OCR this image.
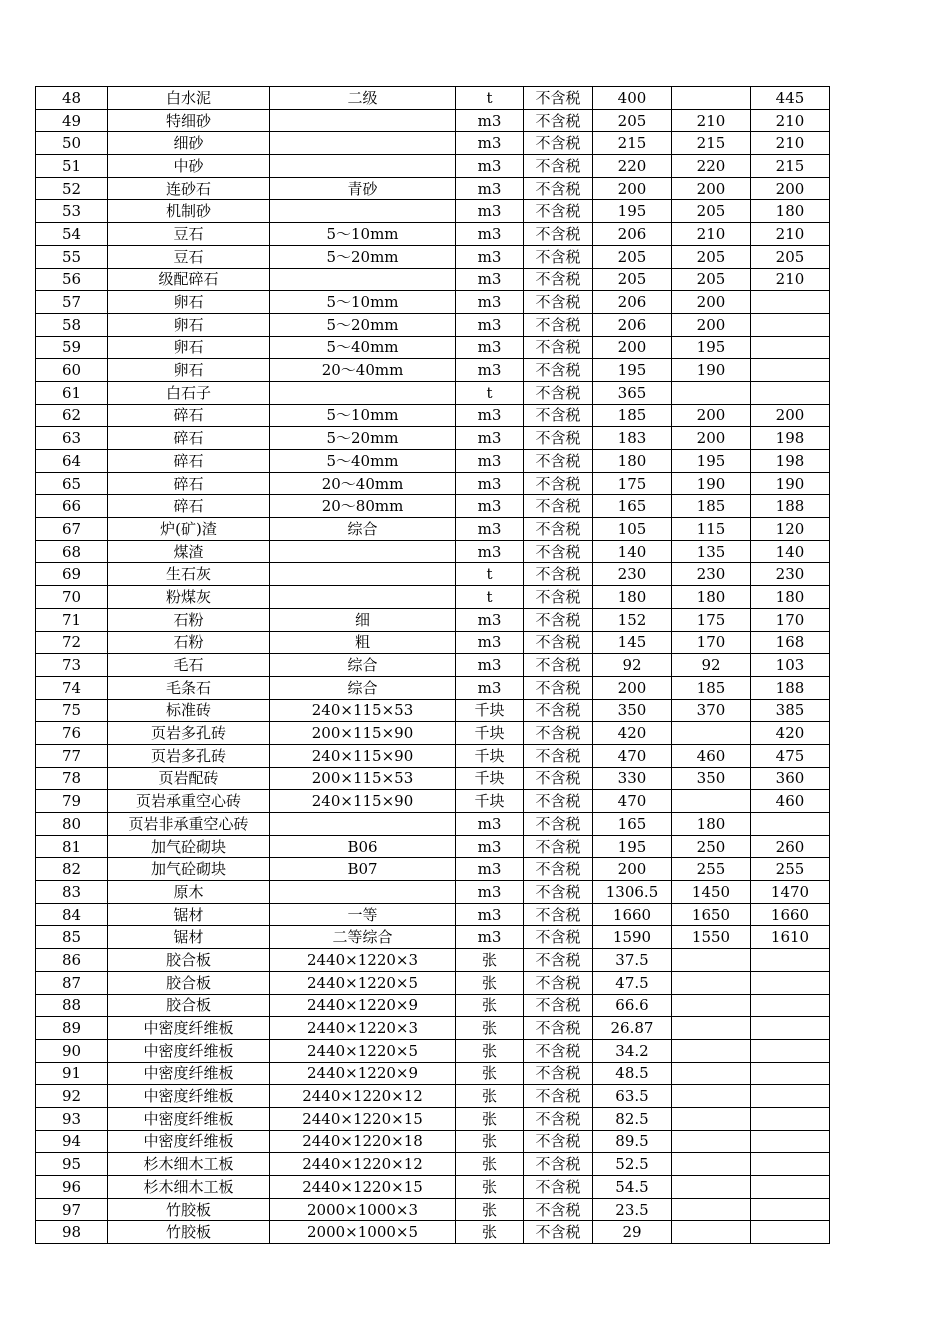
48	白水泥	二级	t	不含税	400		445
49	特细砂		m3	不含税	205	210	210
50	细砂		m3	不含税	215	215	210
51	中砂		m3	不含税	220	220	215
52	连砂石	青砂	m3	不含税	200	200	200
53	机制砂		m3	不含税	195	205	180
54	豆石	5～10mm	m3	不含税	206	210	210
55	豆石	5～20mm	m3	不含税	205	205	205
56	级配碎石		m3	不含税	205	205	210
57	卵石	5～10mm	m3	不含税	206	200	
58	卵石	5～20mm	m3	不含税	206	200	
59	卵石	5～40mm	m3	不含税	200	195	
60	卵石	20～40mm	m3	不含税	195	190	
61	白石子		t	不含税	365		
62	碎石	5～10mm	m3	不含税	185	200	200
63	碎石	5～20mm	m3	不含税	183	200	198
64	碎石	5～40mm	m3	不含税	180	195	198
65	碎石	20～40mm	m3	不含税	175	190	190
66	碎石	20～80mm	m3	不含税	165	185	188
67	炉(矿)渣	综合	m3	不含税	105	115	120
68	煤渣		m3	不含税	140	135	140
69	生石灰		t	不含税	230	230	230
70	粉煤灰		t	不含税	180	180	180
71	石粉	细	m3	不含税	152	175	170
72	石粉	粗	m3	不含税	145	170	168
73	毛石	综合	m3	不含税	92	92	103
74	毛条石	综合	m3	不含税	200	185	188
75	标准砖	240×115×53	千块	不含税	350	370	385
76	页岩多孔砖	200×115×90	千块	不含税	420		420
77	页岩多孔砖	240×115×90	千块	不含税	470	460	475
78	页岩配砖	200×115×53	千块	不含税	330	350	360
79	页岩承重空心砖	240×115×90	千块	不含税	470		460
80	页岩非承重空心砖		m3	不含税	165	180	
81	加气砼砌块	B06	m3	不含税	195	250	260
82	加气砼砌块	B07	m3	不含税	200	255	255
83	原木		m3	不含税	1306.5	1450	1470
84	锯材	一等	m3	不含税	1660	1650	1660
85	锯材	二等综合	m3	不含税	1590	1550	1610
86	胶合板	2440×1220×3	张	不含税	37.5		
87	胶合板	2440×1220×5	张	不含税	47.5		
88	胶合板	2440×1220×9	张	不含税	66.6		
89	中密度纤维板	2440×1220×3	张	不含税	26.87		
90	中密度纤维板	2440×1220×5	张	不含税	34.2		
91	中密度纤维板	2440×1220×9	张	不含税	48.5		
92	中密度纤维板	2440×1220×12	张	不含税	63.5		
93	中密度纤维板	2440×1220×15	张	不含税	82.5		
94	中密度纤维板	2440×1220×18	张	不含税	89.5		
95	杉木细木工板	2440×1220×12	张	不含税	52.5		
96	杉木细木工板	2440×1220×15	张	不含税	54.5		
97	竹胶板	2000×1000×3	张	不含税	23.5		
98	竹胶板	2000×1000×5	张	不含税	29		
